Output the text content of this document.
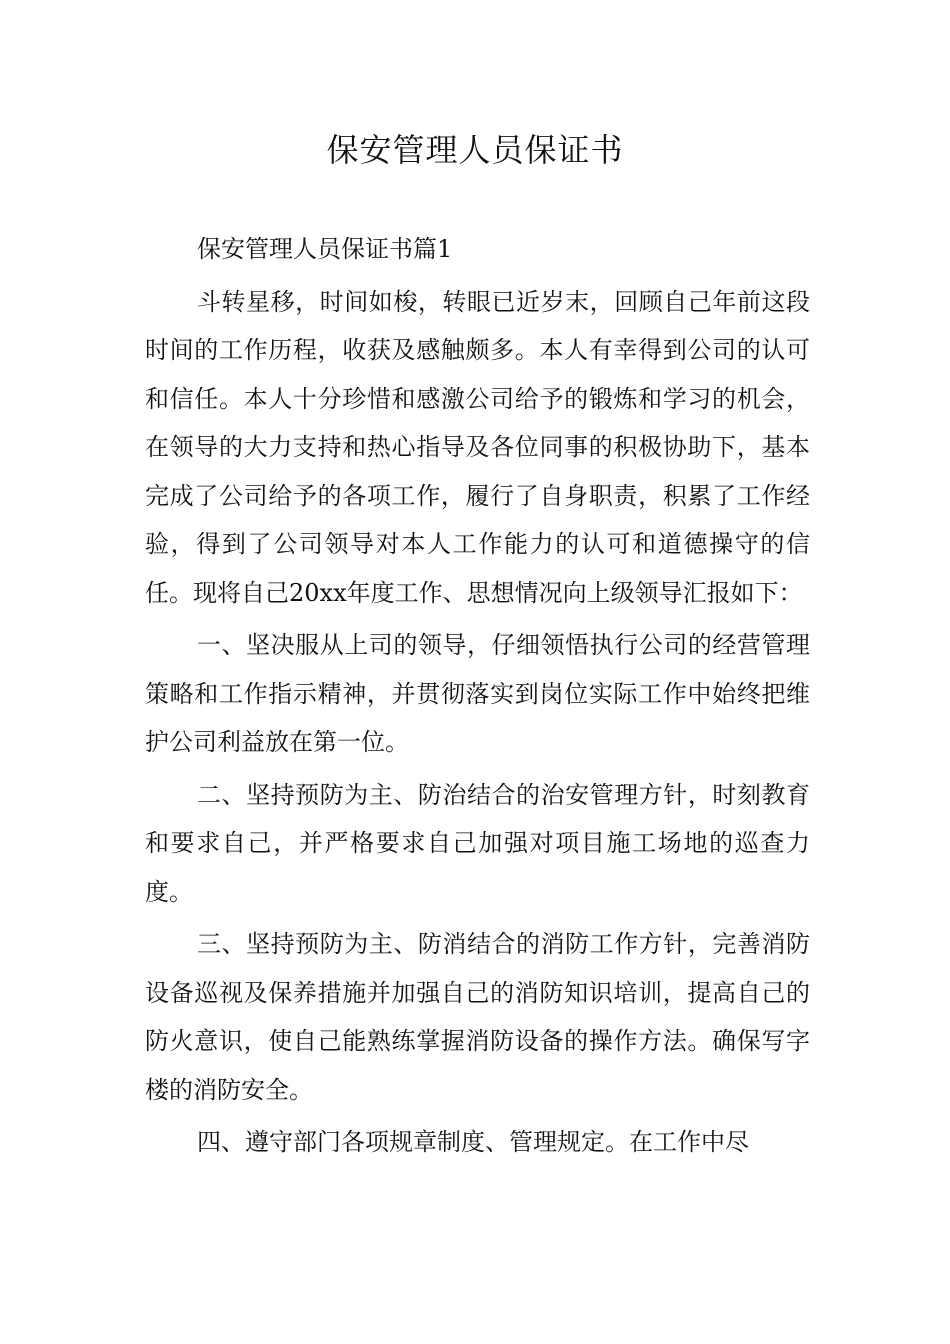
保安管理人员保证书

保安管理人员保证书篇1

斗转星移，时间如梭，转眼已近岁末，回顾自己年前这段时间的工作历程，收获及感触颇多。本人有幸得到公司的认可和信任。本人十分珍惜和感激公司给予的锻炼和学习的机会，在领导的大力支持和热心指导及各位同事的积极协助下，基本完成了公司给予的各项工作，履行了自身职责，积累了工作经验，得到了公司领导对本人工作能力的认可和道德操守的信任。现将自己20xx年度工作、思想情况向上级领导汇报如下：

一、坚决服从上司的领导，仔细领悟执行公司的经营管理策略和工作指示精神，并贯彻落实到岗位实际工作中始终把维护公司利益放在第一位。

二、坚持预防为主、防治结合的治安管理方针，时刻教育和要求自己，并严格要求自己加强对项目施工场地的巡查力度。

三、坚持预防为主、防消结合的消防工作方针，完善消防设备巡视及保养措施并加强自己的消防知识培训，提高自己的防火意识，使自己能熟练掌握消防设备的操作方法。确保写字楼的消防安全。

四、遵守部门各项规章制度、管理规定。在工作中尽
